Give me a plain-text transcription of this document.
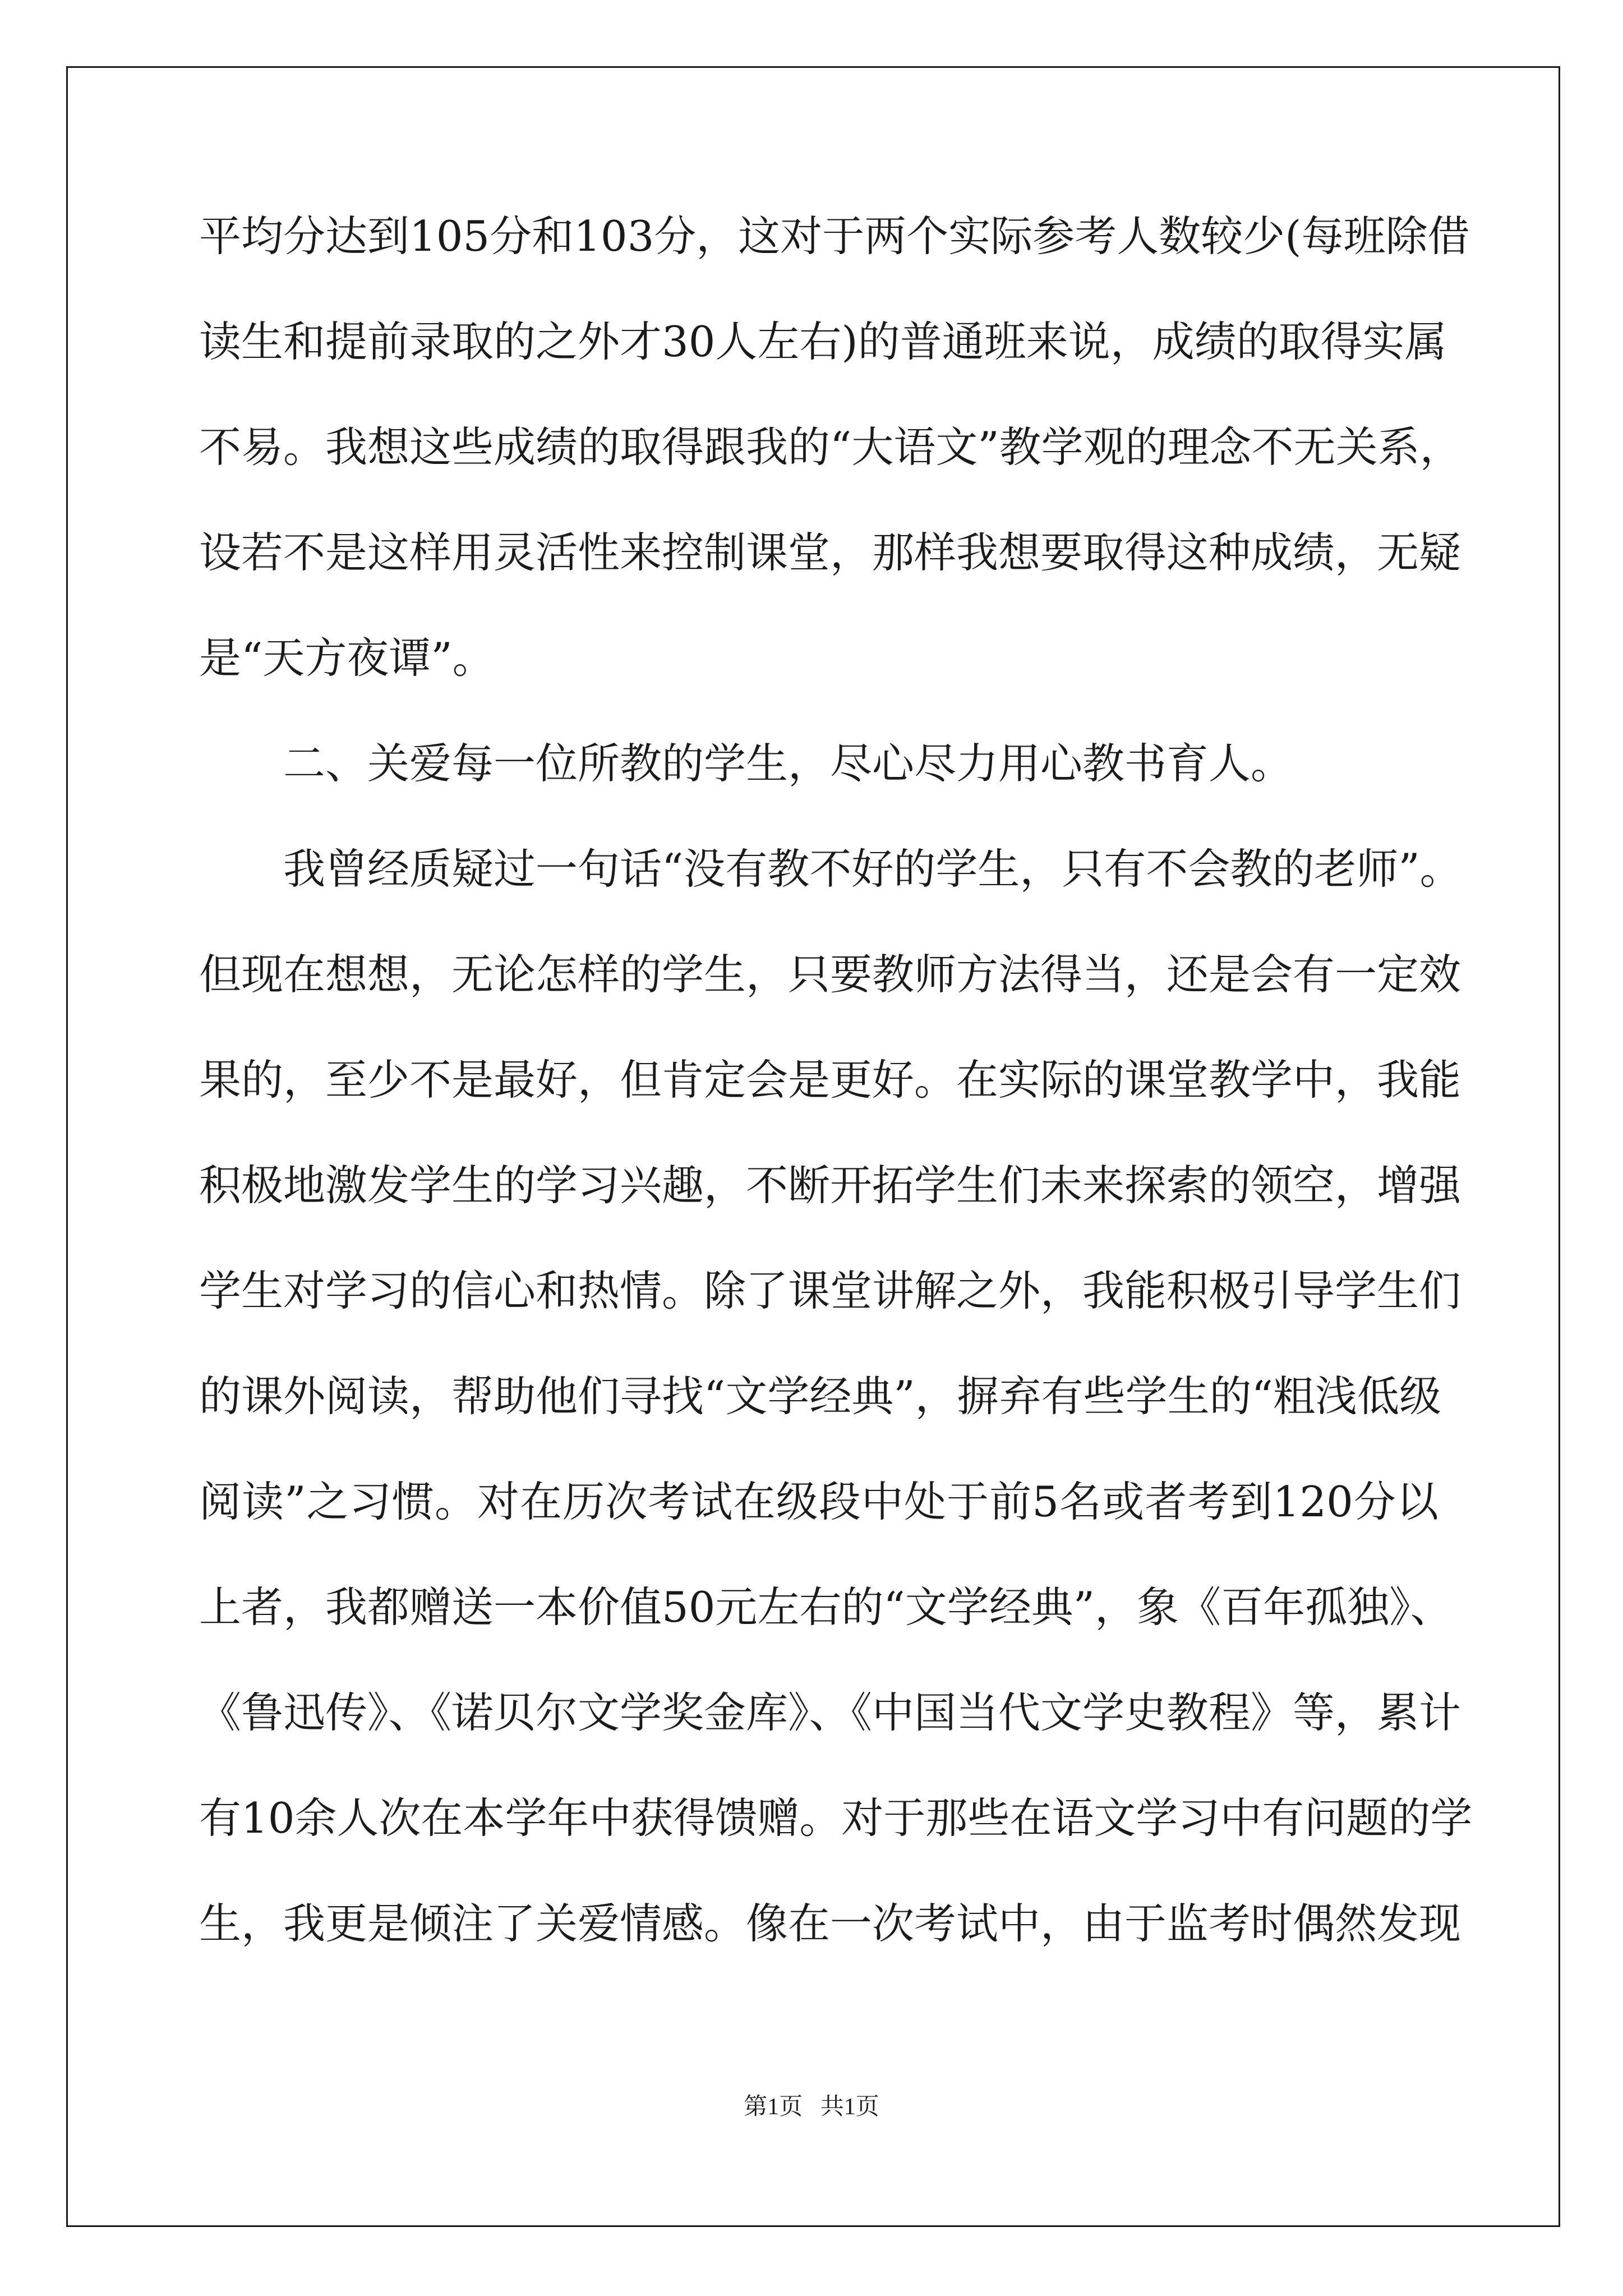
平均分达到105分和103分，这对于两个实际参考人数较少(每班除借
读生和提前录取的之外才30人左右)的普通班来说，成绩的取得实属
不易。我想这些成绩的取得跟我的“大语文”教学观的理念不无关系，
设若不是这样用灵活性来控制课堂，那样我想要取得这种成绩，无疑
是“天方夜谭”。
二、关爱每一位所教的学生，尽心尽力用心教书育人。
我曾经质疑过一句话“没有教不好的学生，只有不会教的老师”。
但现在想想，无论怎样的学生，只要教师方法得当，还是会有一定效
果的，至少不是最好，但肯定会是更好。在实际的课堂教学中，我能
积极地激发学生的学习兴趣，不断开拓学生们未来探索的领空，增强
学生对学习的信心和热情。除了课堂讲解之外，我能积极引导学生们
的课外阅读，帮助他们寻找“文学经典”，摒弃有些学生的“粗浅低级
阅读”之习惯。对在历次考试在级段中处于前5名或者考到120分以
上者，我都赠送一本价值50元左右的“文学经典”，象《百年孤独》、
《鲁迅传》、《诺贝尔文学奖金库》、《中国当代文学史教程》等，累计
有10余人次在本学年中获得馈赠。对于那些在语文学习中有问题的学
生，我更是倾注了关爱情感。像在一次考试中，由于监考时偶然发现
第1页   共1页
